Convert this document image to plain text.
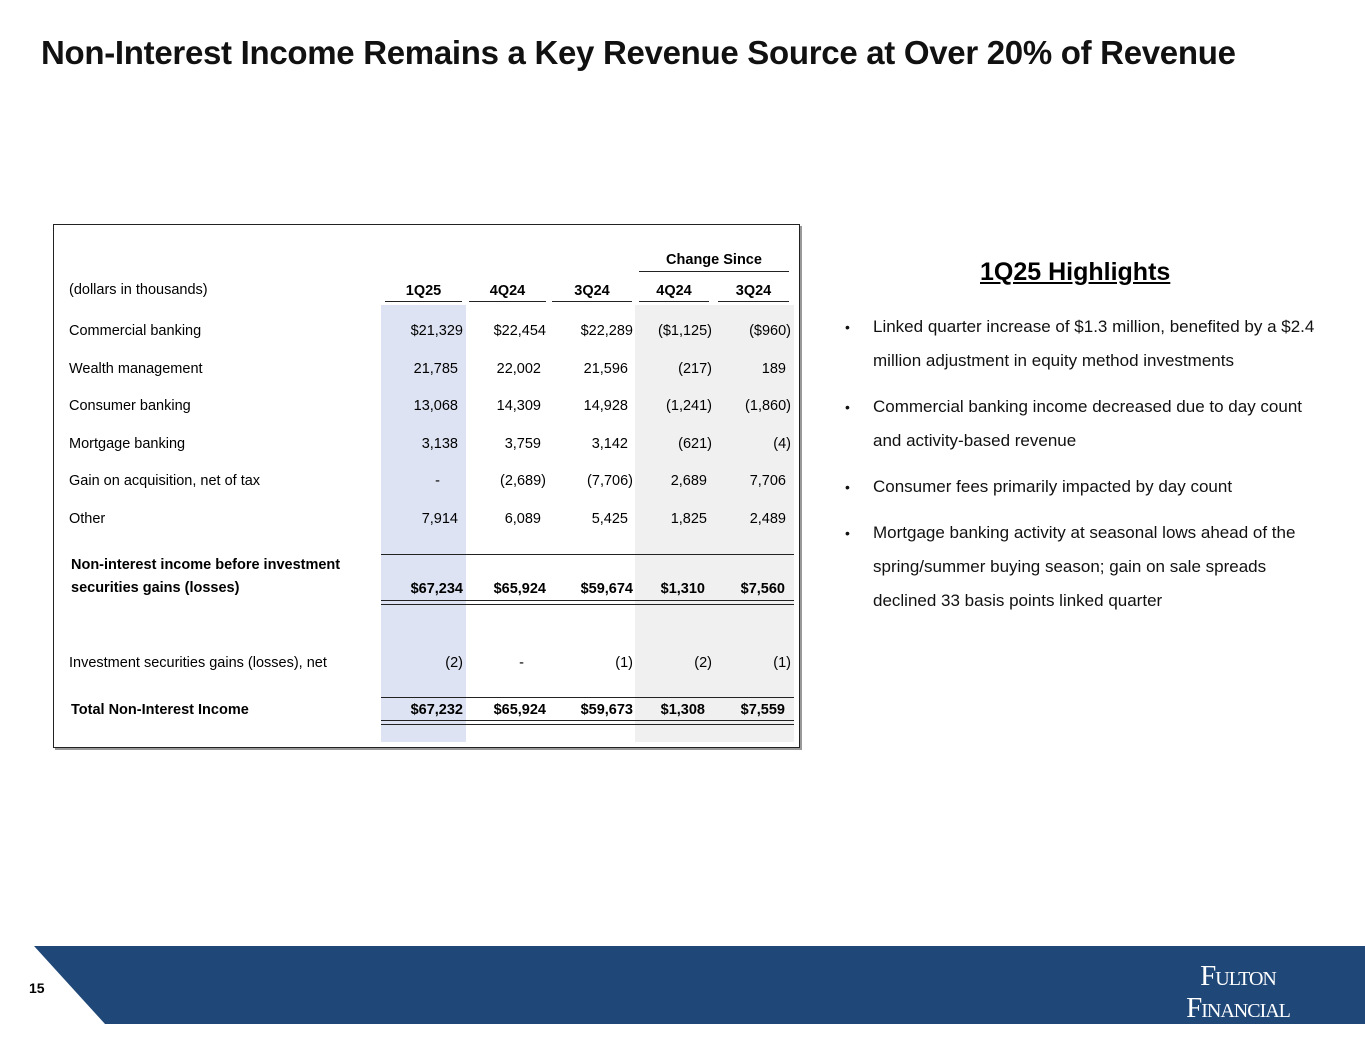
Non-Interest Income Remains a Key Revenue Source at Over 20% of Revenue
Change Since
(dollars in thousands)	1Q25	4Q24	3Q24	4Q24	3Q24
Commercial banking	$21,329 $22,454 $22,289 ($1,125)	($960)
Wealth management	21,785	22,002	21,596	(217)	189
Consumer banking	13,068	14,309	14,928	(1,241) (1,860)
Mortgage banking	3,138	3,759	3,142	(621)	(4)
Gain on acquisition, net of tax	-	(2,689)	(7,706)	2,689	7,706
Other	7,914	6,089	5,425	1,825	2,489
Non-interest income before investment
securities gains (losses)	$67,234 $65,924 $59,674 $1,310 $7,560
Investment securities gains (losses), net	(2)	-	(1)	(2)	(1)
Total Non-Interest Income	$67,232 $65,924 $59,673 $1,308 $7,559
1Q25 Highlights
• Linked quarter increase of $1.3 million, benefited by a $2.4 million adjustment in equity method investments
• Commercial banking income decreased due to day count and activity-based revenue
• Consumer fees primarily impacted by day count
• Mortgage banking activity at seasonal lows ahead of the spring/summer buying season; gain on sale spreads declined 33 basis points linked quarter
15	Fulton Financial
Corporation
